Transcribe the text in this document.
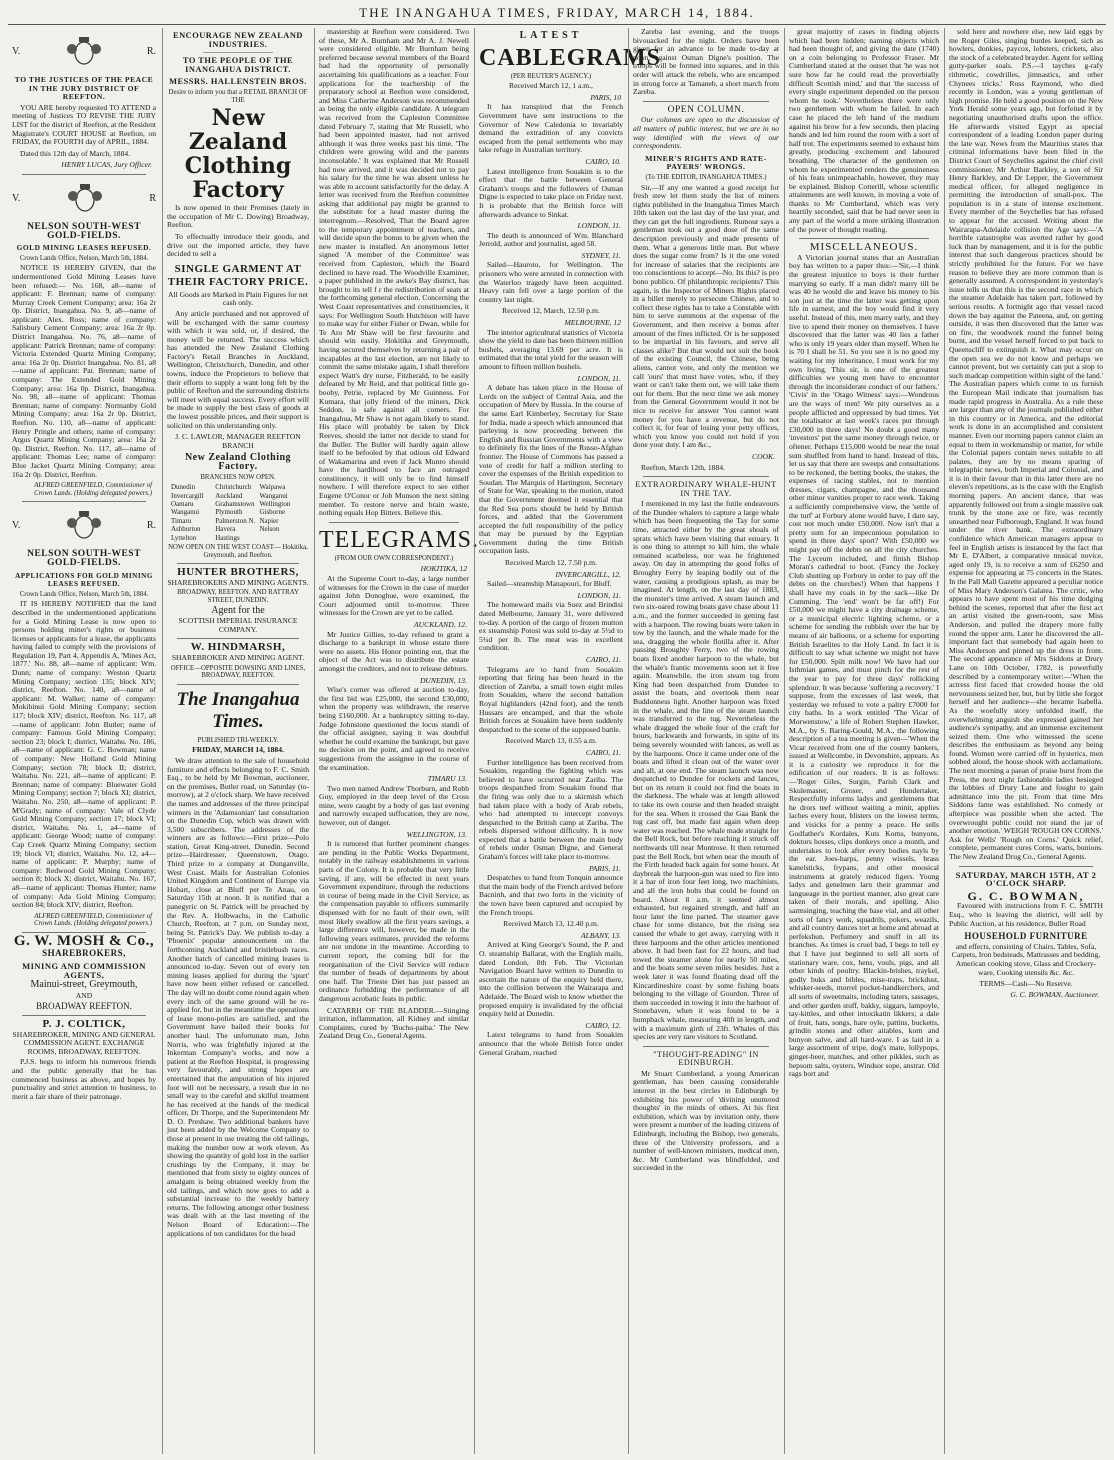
THE INANGAHUA TIMES, FRIDAY, MARCH 14, 1884.
V.	R.
TO THE JUSTICES OF THE PEACE IN THE JURY DISTRICT OF REEFTON.

YOU ARE hereby requested TO ATTEND a meeting of Justices TO REVISE THE JURY LIST for the district of Reefton, at the Resident Magistrate's COURT HOUSE at Reefton, on FRIDAY, the FOURTH day of APRIL, 1884.

Dated this 12th day of March, 1884.

HENRY LUCAS, Jury Officer.
V.	R
NELSON SOUTH-WEST GOLD-FIELDS.
GOLD MINING LEASES REFUSED.
Crown Lands Office, Nelson, March 5th, 1884.

NOTICE IS HEREBY GIVEN, that the undermentioned Gold Mining Leases have been refused:— No. 168, a8—name of applicant: F. Brennan; name of company: Murray Creek Cement Company; area: 16a 2r 0p. District, Inangahua. No. 9, a8—name of applicant: Alex. Ross; name of company: Salisbury Cement Company; area: 16a 2r 0p. District Inangahua. No. 76, a8—name of applicant: Patrick Brennan; name of company: Victoria Extended Quartz Mining Company; area: 16a 2r 0p. District Inangahua. No. 81, a8—name of applicant: Pat. Brennan; name of company: The Extended Gold Mining Company; area: 16a 0p. District, Inangahua. No. 98, a8—name of applicant: Thomas Brennan; name of company: Normanby Gold Mining Company; area: 16a 2r 0p. District, Reefton. No. 110, a8—name of applicant: Henry Pringle and others; name of company: Argus Quartz Mining Company; area: 16a 2r 0p. District, Reefton. No. 117, a8—name of applicant: Thomas Lee; name of company: Blue Jacket Quartz Mining Company; area: 16a 2r 0p. District, Reefton.

ALFRED GREENFIELD, Commissioner of Crown Lands. (Holding delegated powers.)
V.	R.
NELSON SOUTH-WEST GOLD-FIELDS.
APPLICATIONS FOR GOLD MINING LEASES REFUSED.
Crown Lands Office, Nelson, March 5th, 1884.

IT IS HEREBY NOTIFIED that the land described in the undermentioned applications for a Gold Mining Lease is now open to persons holding miner's rights or business licenses or applicants for a lease, the applicants having failed to comply with the provisions of Regulation 19, Part 4, Appendix A, 'Mines Act, 1877.' No. 88, a8—name of applicant: Wm. Dunn; name of company: Weston Quartz Mining Company; section 135; block XIV; district, Reefton. No. 140, a8—name of applicant: M. Walker; name of company: Mokihinui Gold Mining Company; section 117; block XIV; district, Reefton. No. 117, a8—name of applicant: John Butler; name of company: Famous Gold Mining Company; section 23; block I; district, Waitahu. No. 186, a8—name of applicant: G. C. Bowman; name of company: New Holland Gold Mining Company; section 78; block II; district, Waitahu. No. 221, a8—name of applicant: P. Brennan; name of company: Bluewater Gold Mining Company; section 7; block XI; district, Waitahu. No. 250, a8—name of applicant: P. M'Grady; name of company: Vale of Clyde Gold Mining Company; section 17; block VI; district, Waitahu. No. 1, a4—name of applicant: George Wood; name of company: Cap Creek Quartz Mining Company; section 19; block VI; district, Waitahu. No. 12, a4—name of applicant: P. Murphy; name of company: Redwood Gold Mining Company; section 8; block X; district, Waitahu. No. 167, a8—name of applicant: Thomas Hunter; name of company: Ada Gold Mining Company; section 84; block XIV; district, Reefton.

ALFRED GREENFIELD, Commissioner of Crown Lands. (Holding delegated powers.)
G. W. MOSH & Co.,
SHAREBROKERS,
MINING AND COMMISSION AGENTS,
Mainui-street, Greymouth,
AND
BROADWAY REEFTON.
P. J. COLTICK,
SHAREBROKER, MINING AND GENERAL COMMISSION AGENT. EXCHANGE ROOMS, BROADWAY, REEFTON.

P.J.S. begs to inform his numerous friends and the public generally that he has commenced business as above, and hopes by punctuality and strict attention to business, to merit a fair share of their patronage.

ENCOURAGE NEW ZEALAND INDUSTRIES.
TO THE PEOPLE OF THE INANGAHUA DISTRICT.
MESSRS. HALLENSTEIN BROS.
Desire to inform you that a RETAIL BRANCH OF THE
New Zealand Clothing Factory

Is now opened in their Premises (lately in the occupation of Mr C. Dowing) Broadway, Reefton.

To effectually introduce their goods, and drive out the imported article, they have decided to sell a

SINGLE GARMENT AT THEIR FACTORY PRICE.
All Goods are Marked in Plain Figures for net cash only.

Any article purchased and not approved of will be exchanged with the same courtesy with which it was sold, or, if desired, the money will be returned. The success which has attended the New Zealand Clothing Factory's Retail Branches in Auckland, Wellington, Christchurch, Dunedin, and other towns, induce the Proprietors to believe that their efforts to supply a want long felt by the public of Reefton and the surrounding districts will meet with equal success. Every effort will be made to supply the best class of goods at the lowest possible prices, and their support is solicited on this understanding only.

J. C. LAWLOR, MANAGER REEFTON BRANCH
New Zealand Clothing Factory.
BRANCHES NOW OPEN.
Dunedin	Christchurch	Waipawa
Invercargill	Auckland	Wanganui
Oamaru	Grahamstown Wellington
Wanganui	Plymouth	Gisborne
Timaru	Palmerston N. Napier
Ashburton	Havera	Nelson
Lyttelton	Hastings
NOW OPEN ON THE WEST COAST— Hokitika, Greymouth, and Reefton.
HUNTER BROTHERS,
SHAREBROKERS AND MINING AGENTS.
BROADWAY, REEFTON. AND RATTRAY STREET, DUNEDIN.
Agent for the
SCOTTISH IMPERIAL INSURANCE COMPANY.
W. HINDMARSH,
SHAREBROKER AND MINING AGENT.
OFFICE—OPPOSITE DOWSING AND LINES, BROADWAY, REEFTON.
The Inangahua Times.
PUBLISHED TRI-WEEKLY.
FRIDAY, MARCH 14, 1884.

We draw attention to the sale of household furniture and effects belonging to F. C. Smith Esq., to be held by Mr Bowman, auctioneer, on the premises, Butler road, on Saturday (to-morrow), at 2 o'clock sharp. We have received the names and addresses of the three principal winners in the 'Adamsonian' last consultation on the Dunedin Cup, which was drawn with 3,500 subscribers. The addresses of the winners are as follows:—First prize—Polo station, Great King-street, Dunedin. Second prize—Hairdresser, Queenstown, Otago. Third prize to a company at Dunganville, West Coast. Mails for Australian Colonies United Kingdom and Continent of Europe via Hobart, close at Bluff per Te Anau, on Saturday 15th at noon. It is notified that a panegyric on St. Patrick will be preached by the Rev. A. Holbwachs, in the Catholic Church, Reefton, at 7 p.m. on Sunday next, being St. Patrick's Day. We publish to-day a 'Phoenix' popular announcement on the forthcoming Auckland and bristlebush races. Another batch of cancelled mining leases is announced to-day. Seven out of every ten mining leases applied for during the 'spurt' have now been either refused or cancelled. The day will no doubt come round again when every inch of the same ground will be re-applied for, but in the meantime the operations of lease mono-polies are satisfied, and the Government have bailed their books for another haul. The unfortunate man, John Norris, who was frightfully injured at the Inkerman Company's works, and now a patient at the Reefton Hospital, is progressing very favourably, and strong hopes are entertained that the amputation of his injured foot will not be necessary, a result due in no small way to the careful and skilful treatment he has received at the hands of the medical officer, Dr Thorpe, and the Superintendent Mr D. O. Preshaw. Two additional bankers have just been added by the Welcome Company to those at present in use treating the old tailings, making the number now at work eleven. As showing the quantity of gold lost in the earlier crushings by the Company, it may be mentioned that from sixty to eighty ounces of amalgam is being obtained weekly from the old tailings, and which now goes to add a substantial increase to the weekly battery returns. The following amongst other business was dealt with at the last meeting of the Nelson Board of Education:—The applications of ten candidates for the head

mastership at Reefton were considered. Two of these, Mr A. Burnham and Mr A. J. Newell were considered eligible. Mr Burnham being preferred because several members of the Board had had the opportunity of personally ascertaining his qualifications as a teacher. Four applications for the teachership of the preparatory school at Reefton were considered, and Miss Catherine Anderson was recommended as being the only eligible candidate. A telegram was received from the Capleston Committee dated February 7, stating that Mr Russell, who had been appointed master, had not arrived although it was three weeks past his time. 'The children were growing wild and the parents inconsolable.' It was explained that Mr Russell had now arrived, and it was decided not to pay his salary for the time he was absent unless he was able to account satisfactorily for the delay. A letter was received from the Reefton committee asking that additional pay might be granted to the substitute for a head master during the interregnum.—Resolved, That the Board agree to the temporary appointment of teachers, and will decide upon the bonus to be given when the new master is installed. An anonymous letter signed 'A member of the Committee' was received from Capleston, which the Board declined to have read. The Woodville Examiner, a paper published in the awke's Bay district, has brought to its tell f r the redistribution of seats at the forthcoming general election. Concerning the West Coast representatives and constituencies, it says: For Wellington South Hutchison will have to make way for either Fisher or Dwan, while for Te Aro Mr Shaw will be first favourite and should win easily. Hokitika and Greymouth, having secured themselves by returning a pair of incapables at the last election, are not likely to commit the same mistake again, I shall therefore expect Watt's dry nurse, Fitzherald, to be easily defeated by Mr Reid, and that political little go-booby, Petrie, replaced by Mr Guinness. For Kumara, that jolly friend of the miners, Dick Seddon, is safe against all comers. For Inangahua, Mr Shaw is not again likely to stand. His place will probably be taken by Dick Reeves, should the latter not decide to stand for the Buller. The Buller will hardly again allow itself to be befooled by that odious old Edward of Wakamarina and even if Jack Munro should have the hardihood to face an outraged constituency, it will only be to find himself nowhere. I will therefore expect to see either Eugene O'Conor or Job Munson the next sitting member. To restore nerve and brain waste, nothing equals Hop Bitters. Believe this.

TELEGRAMS.
(FROM OUR OWN CORRESPONDENT.)
HOKITIKA, 12

At the Supreme Court to-day, a large number of witnesses for the Crown in the case of murder against John Donoghue, were examined, the Court adjourned until to-morrow. Three witnesses for the Crown are yet to be called.

AUCKLAND, 12.

Mr Justice Gillies, to-day refused to grant a discharge to a bankrupt in whose estate there were no assets. His Honor pointing out, that the object of the Act was to distribute the estate amongst the creditors, and not to release debtors.

DUNEDIN, 13.

Wise's corner was offered at auction to-day, the first bid was £25,000, the second £30,000, when the property was withdrawn, the reserve being £160,000. At a bankruptcy sitting to-day, Judge Johnstone questioned the locus standi of the official assignee, saying it was doubtful whether he could examine the bankrupt, but gave no decision on the point, and agreed to receive suggestions from the assignee in the course of the examination.

TIMARU 13.

Two men named Andrew Thorburn, and Robb Guy, employed in the deep level of the Cross mine, were caught by a body of gas last evening and narrowly escaped suffocation, they are now, however, out of danger.

WELLINGTON, 13.

It is rumored that further prominent changes are pending in the Public Works Department, notably in the railway establishments in various parts of the Colony. It is probable that very little saving, if any, will be effected in next years Government expenditure, through the reductions in course of being made in the Civil Service, as the compensation payable to officers summarily dispensed with for no fault of their own, will most likely swallow all the first years savings, a large difference will, however, be made in the following years estimates, provided the reforms are not undone in the meantime. According to current report, the coming bill for the reorganisation of the Civil Service will reduce the number of heads of departments by about one half. The Trieste Diet has just passed an ordinance forbidding the performance of all dangerous acrobatic feats in public.

CATARRH OF THE BLADDER.—Stinging irritation, inflammation, all Kidney and similar Complaints, cured by 'Buchu-paiba.' The New Zealand Drug Co., General Agents.

LATEST
CABLEGRAMS
(PER REUTER'S AGENCY.)
Received March 12, 1 a.m.,
PARIS, 10

It has transpired that the French Government have sent instructions to the Governor of New Caledonia to invariably demand the extradition of any convicts escaped from the penal settlements who may take refuge in Australian territory.

CAIRO, 10.

Latest intelligence from Souakim is to the effect that the battle between General Graham's troops and the followers of Osman Digne is expected to take place on Friday next. It is probable that the British force will afterwards advance to Sinkat.

LONDON, 11.

The death is announced of Wm. Blanchard Jerrold, author and journalist, aged 58.

SYDNEY, 11.

Sailed—Hauroto, for Wellington. The prisoners who were arrested in connection with the Waterloo tragedy have been acquitted. Heavy rain fell over a large portion of the country last night.

Received 12, March, 12.50 p.m.
MELBOURNE, 12

The interior agricultural statistics of Victoria show the yield to date has been thirteen million bushels, averaging 13.69 per acre. It is estimated that the total yield for the season will amount to fifteen million bushels.

LONDON, 11.

A debate has taken place in the House of Lords on the subject of Central Asia, and the occupation of Merv by Russia. In the course of the same Earl Kimberley, Secretary for State for India, made a speech which announced that parleying is now proceeding between the English and Russian Governments with a view to definitely fix the lines of the Russo-Afghan frontier. The House of Commons has passed a vote of credit for half a million sterling to cover the expenses of the British expedition to Soudan. The Marquis of Hartington, Secretary of State for War, speaking to the motion, stated that the Government deemed it essential that the Red Sea ports should be held by British forces, and added that the Government accepted the full responsibility of the policy that may be pursued by the Egyptian Government during the time British occupation lasts.

Received March 12, 7.50 p.m.
INVERCARGILL, 12.

Sailed—steamship Manapouri, for Bluff.

LONDON, 11.

The homeward mails via Suez and Brindisi dated Melbourne, January 31, were delivered to-day. A portion of the cargo of frozen mutton ex steamship Potosi was sold to-day at 5½d to 5¾d per lb. The meat was in excellent condition.

CAIRO, 11.

Telegrams are to hand from Souakim reporting that firing has been heard in the direction of Zareba, a small town eight miles from Souakim, where the second battalion Royal highlanders (42nd foot), and the tenth Hussars are encamped, and that the whole British forces at Souakim have been suddenly despatched to the scene of the supposed battle.

Received March 13, 0.55 a.m.
CAIRO, 11.

Further intelligence has been received from Souakim, regarding the fighting which was believed to have occurred near Zariba. The troops despatched from Souakim found that the firing was only due to a skirmish which had taken place with a body of Arab rebels, who had attempted to intercept convoys despatched to the British camp at Zariba. The rebels dispersed without difficulty. It is now expected that a battle between the main body of rebels under Osman Digne, and General Graham's forces will take place to-morrow.

PARIS, 11.

Despatches to hand from Tonquin announce that the main body of the French arrived before Bacninh, and that two forts in the vicinity of the town have been captured and occupied by the French troops.

Received March 13, 12.40 p.m.
ALBANY, 13.

Arrived at King George's Sound, the P. and O. steamship Ballarat, with the English mails, dated London, 8th Feb. The Victorian Navigation Board have written to Dunedin to ascertain the nature of the enquiry held there, into the collision between the Wairarapa and Adelaide. The Board wish to know whether the proposed enquiry is invalidated by the official enquiry held at Dunedin.

CAIRO, 12.

Latest telegrams to hand from Souakim announce that the whole British force under General Graham, reached

Zareba last evening, and the troops bivouacked for the night. Orders have been given for an advance to be made to-day at noon, against Osman Digne's position. The troops will be formed into squares, and in this order will attack the rebels, who are encamped in strong force at Tamaneb, a short march from Zareba.

OPEN COLUMN.

Our columns are open to the discussion of all matters of public interest, but we are in no way identified with the views of our correspondents.

MINER'S RIGHTS AND RATE-PAYERS' WRONGS.
(To THE EDITOR, INANGAHUA TIMES.)

Sir,—If any one wanted a good receipt for fresh stew let them study the list of miners rights published in the Inangahua Times March 10th taken out the last day of the last year, and they can get the full ingredients. Rumour says a gentleman took out a good dose of the same description previously and made presents of them. What a generous little man. But where does the sugar come from? Is it the one voted for increase of salaries that the recipients are too conscientious to accept—No. Its this? is pro bono publico. Of philanthropic recipients? This again, is the Inspector of Miners Rights placed in a billet merely to persecute Chinese, and to collect these rights has to take a Constable with him to serve summons at the expense of the Government, and then receive a bonus after amount of the fines inflicted. Or is he supposed to be impartial in his favours, and serve all classes alike? But that would not suit the book of the existing Council, the Chinese, being aliens, cannot vote, and only the mention we call 'ours' that must have votes, who, if they want or can't take them out, we will take them out for them. But the next time we ask money from the General Government would it not be nice to receive for answer 'You cannot want money for you have a revenue, but do not collect it, for fear of losing your petty offices, which you know you could not hold if you done your duty. I am &c.,

COOK.

Reefton, March 12th, 1884.

EXTRAORDINARY WHALE-HUNT IN THE TAY.

I mentioned in my last the futile endeavours of the Dundee whalers to capture a large whale which has been frequenting the Tay for some time, attracted either by the great shoals of sprats which have been visiting that estuary. It is one thing to attempt to kill him, the whale remained scatheless, nor was he frightened away. On day in attempting the good folks of Broughty Ferry by leaping bodily out of the water, causing a prodigious splash, as may be imagined. At length, on the last day of 1883, the monster's time arrived. A steam launch and two six-oared rowing boats gave chase about 11 a.m., and the former succeeded in getting fast with a harpoon. The rowing boats were taken in tow by the launch, and the whale made for the sea, dragging the whole flotilla after it. After passing Broughty Ferry, two of the rowing boats fixed another harpoon to the whale, but the whale's frantic movements soon set it free again. Meanwhile, the iron steam tug from King had been despatched from Dundee to assist the boats, and overtook them near Buddonness light. Another harpoon was fixed in the whale, and the line of the steam launch was transferred to the tug. Nevertheless the whale dragged the whole four of the craft for hours, backwards and forwards, in spite of its being severely wounded with lances, as well as by the harpoons. Once it came under one of the boats and lifted it clean out of the water over and all, at one end. The steam launch was now despatched to Dundee for rockets and lances, but on its return it could not find the boats in the darkness. The whale was at length allowed to take its own course and then headed straight for the sea. When it crossed the Gaa Bank the tug cast off, but made fast again when deep water was reached. The whale made straight for the Bell Rock, but before reaching it struck off northwards till near Montrose. It then returned past the Bell Rock, but when near the mouth of the Firth headed back again for some hours. At daybreak the harpoon-gun was used to fire into it a bar of iron four feet long, two machinists, and all the iron bolts that could be found on board. About 8 a.m. it seemed almost exhausted, but regained strength, and half an hour later the line parted. The steamer gave chase for some distance, but the rising sea caused the whale to get away, carrying with it three harpoons and the other articles mentioned above. It had been fast for 22 hours, and had towed the steamer alone for nearly 50 miles, and the boats some seven miles besides. Just a week later it was found floating dead off the Kincardineshire coast by some fishing boats belonging to the village of Gourdon. Three of them succeeded in towing it into the harbour of Stonehaven, when it was found to be a humpback whale, measuring 40ft in length, and with a maximum girth of 23ft. Whales of this species are very rare visitors to Scotland.

"THOUGHT-READING" IN EDINBURGH.

Mr Stuart Cumberland, a young American gentleman, has been causing considerable interest in the best circles in Edinburgh by exhibiting his power of 'divining unuttered thoughts' in the minds of others. At his first exhibition, which was by invitation only, there were present a number of the leading citizens of Edinburgh, including the Bishop, two generals, three of the University professors, and a number of well-known ministers, medical men, &c. Mr Cumberland was blindfolded, and succeeded in the

great majority of cases in finding objects which had been hidden; naming objects which had been thought of, and giving the date (1740) on a coin belonging to Professor Fraser. Mr Cumberland stated at the outset that 'he was not sure how far he could read the proverbially difficult Scottish mind,' and that 'the success of every single experiment depended on the person whom he took.' Nevertheless there were only two gentlemen with whom he failed. In each case he placed the left hand of the medium against his brow for a few seconds, then placing hands and led him round the room with a sort of half trot. The experiments seemed to exhaust him greatly, producing excitement and laboured breathing. The character of the gentlemen on whom he experimented renders the genuineness of his feats unimpeachable, however, they may be explained. Bishop Cotterill, whose scientific attainments are well known, in moving a vote of thanks to Mr Cumberland, which was very heartily seconded, said that he had never seen in any part of the world a more striking illustration of the power of thought reading.

MISCELLANEOUS.

A Victorian journal states that an Australian boy has written to a paper thus:—'Sir,—I think the greatest injustice to boys is their further marrying so early. If a man didn't marry till he was 40 he would die and leave his money to his son just at the time the latter was getting upon life in earnest, and the boy would find it very useful. Instead of this, men marry early, and they live to spend their money on themselves. I have discovered that the latter was 40 lies a father who is only 19 years older than myself. When he is 70 I shall be 51. So you see it is no good my waiting for my inheritance, I must work for my own living. This sir, is one of the greatest difficulties we young men have to encounter through the inconsiderate conduct of our fathers.' 'Civis' in the 'Otago Witness' says:—Wondrous are the ways of men! We pity ourselves as a people afflicted and oppressed by bad times. Yet the totalisator at last week's races put through £30,000 in three days! No doubt a good many 'investors' put the same money through twice, or oftener. Perhaps £15,000 would be near the total sum shuffled from hand to hand. Instead of this, let us say that there are sweeps and consultations to be reckoned, the betting books, the stakes, the expenses of racing stables, not to mention dresses, cigars, champagne, and the thousand other minor vanities proper to race week. Taking a sufficiently comprehensive view, the 'settle of the turf' at Forbury alone would have, I dare say, cost not much under £50,000. Now isn't that a pretty sum for an impecunious population to spend in three days' sport? With £50,000 we might pay off the debts on all the city churches. The Lyceum included, and finish Bishop Moran's cathedral to boot. (Fancy the Jockey Club shutting up Forbury in order to pay off the debts on the churches!) When that happens I shall have my coals in by the sack—like Dr Cumming. The 'end' won't be far off!) For £50,000 we might have a city drainage scheme, or a municipal electric lighting scheme, or a scheme for sending the rubbish over the bar by means of air balloons, or a scheme for exporting British Israelites to the Holy Land. In fact it is difficult to say what scheme we might not have for £50,000. Spilt milk now! We have had our Isthmian games, and must pinch for the rest of the year to pay for three days' rollicking splendour. It was because 'suffering a recovery.' I suppose, from the excesses of last week, that yesterday we refused to vote a paltry £7000 for city baths. In a work entitled 'The Vicar of Morwenstow,' a life of Robert Stephen Hawker, M.A., by S. Baring-Gould, M.A., the following description of a tea meeting is given—'When the Vicar received from one of the county bankers, issued at Wellcombe, in Devonshire, appears. As it is a curiosity we reproduce it for the edification of our readers. It is as follows:—'Roger Giles, Surgin, Parish Clark and Skulemaster, Groser, and Hundertaker, Respectfully informs ladys and gentlemens that he drors teef without waiting a minit, applies laches every hour, blisters on the lowest terms, and visicks for a penny a peace. He sells Godfather's Kordales, Kuts Korns, bunyons, doktors hosses, clips donkeys once a month, and undertakes to look after every bodies nayls by the ear. Joes-harps, penny wissels, brass kanelsticks, frypans, and other moosical instruments at grately reduced figers. Young ladys and genelmen larn their grammar and langueage in the purtiest manner, also great care taken of their morals, and spelling. Also sarmsinging, teaching the base vial, and all other sorts of fancy work, squadrils, pokers, weazils, and all country dances tort at home and abroad at perfekshun. Perfumery and snuff in all its branches. As times is cruel bad, I begs to tell ey that I have just beginned to sell all sorts of stationary ware, cox, hens, vouls, pigs, and all other kinds of poultry. Blackin-brishes, traykel, godly buks and bibles, mise-traps, brickdust, whisker-seeds, morrel pocket-handkerchers, and all sorts of sweetmaits, including taters, sassages, and other garden stuff, bakky, siggars, lampoyle, tay-kittles, and other intoxikatin likkers; a dale of fruit, hats, songs, hare oyle, pattins, bucketts, grindin stones and other aitables, korn and bunyon salve, and all hard-ware. I as laid in a large assortment of tripe, dog's mate, lollypops, ginger-beer, matches, and other pikkles, such as hepsom salts, oysters, Windsor sope, anstrar. Old rags bort and

sold here and nowhere else, new laid eggs by me Roger Giles, singing burdes keeped, sich as howlers, donkies, paycox, lobsters, crickets, also the stock of a celebrated brayder. Agent for selling gutty-parker soals. P.S.—I tayches g-rafy rithmetic, cowdrilles, jimnastics, and other Chynees tricks.' Ross Raymond, who died recently in London, was a young gentleman of high promise. He held a good position on the New York Herald some years ago, but forfeited it by negotiating unauthorised drafts upon the office. He afterwards visited Egypt as special correspondent of a leading London paper during the late war. News from the Mauritius states that criminal informations have been filed in the District Court of Seychelles against the chief civil commissioner, Mr Arthur Barkley, a son of Sir Henry Barkley, and Dr Lepper, the Government medical officer, for alleged negligence in permitting the introduction of small-pox. The population is in a state of intense excitement. Every member of the Seychelles bar has refused to appear for the accused. Writing about the Wairarapa-Adelaide collision the Age says:—'A horrible catastrophe was averted rather by good luck than by management, and it is for the public interest that such dangerous practices should be strictly prohibited for the future. For we have reason to believe they are more common than is generally assumed. A correspondent in yesterday's issue tells us that this is the second race in which the steamer Adelaide has taken part, followed by serious results. A fortnight ago that vessel raced down the bay against the Pateena, and, on getting outside, it was then discovered that the latter was on fire, the woodwork round the funnel being burnt, and the vessel herself forced to put back to Queenscliff to extinguish it. What may occur on the open sea we do not know and perhaps we cannot prevent, but we certainly can put a stop to such madcap competition within sight of the land.' The Australian papers which come to us furnish the European Mail indicate that journalism has made rapid progress in Australia. As a rule these are larger than any of the journals published either in this country or in America, and the editorial work is done in an accomplished and consistent manner. Even our morning papers cannot claim an equal to them in workmanship or matter, for while the Colonial papers contain news suitable to all palates, they are by no means sparing of telegraphic news, both Imperial and Colonial, and it is in their favour that in this latter there are no eleven's repetitions, as is the case with the English morning papers. An ancient dance, that was apparently followed out from a single massive oak trunk by the stone axe or fire, was recently unearthed near Fulborough, England. It was found under the river bank. The extraordinary confidence which American managers appear to feel in English artists is instanced by the fact that Mr E. D'Albert, a comparative musical novice, aged only 19, is to receive a sum of £6250 and expense for appearing at 75 concerts in the States. In the Pall Mall Gazette appeared a peculiar notice of Miss Mary Anderson's Galatea. The critic, who appears to have spent most of his time dodging behind the scenes, reported that after the first act an artist visited the green-room, saw Miss Anderson, and pulled the drapery more fully round the upper arm. Later he discovered the all-important fact that somebody had again been to Miss Anderson and pinned up the dress in front. The second appearance of Mrs Siddons at Drury Lane on 10th October, 1782, is powerfully described by a contemporary writer:—'When the actress first faced that crowded house the old nervousness seized her, but, but by little she forgot herself and her audience—she became Isabella. As the woefully story unfolded itself, the overwhelming anguish she expressed gained her audience's sympathy, and an immense excitement seized them. One who witnessed the scene describes the enthusiasm as beyond any being found. Women were carried off in hysterics, men sobbed aloud, the house shook with acclamations. The next morning a paean of praise burst from the Press, the next night fashionable ladies besieged the lobbies of Drury Lane and fought to gain admittance into the pit. From that time Mrs Siddons fame was established. No comedy or afterpiece was possible when she acted. The overwrought public could not stand the jar of another emotion.' WEIGH 'ROUGH ON CORNS.' Ask for Wells' 'Rough on Corns.' Quick relief, complete, permanent cures Corns, warts, bunions. The New Zealand Drug Co., General Agents.

SATURDAY, MARCH 15TH, AT 2 O'CLOCK SHARP.
G. C. BOWMAN,

Favoured with instructions from F. C. SMITH Esq., who is leaving the district, will sell by Public Auction, at his residence, Buller Road

HOUSEHOLD FURNITURE

and effects, consisting of Chairs, Tables, Sofa, Carpets, Iron bedsteads, Mattrasses and bedding, American cooking stove, Glass and Crockery-ware, Cooking utensils &c. &c.

TERMS—Cash—No Reserve.
G. C. BOWMAN, Auctioneer.
